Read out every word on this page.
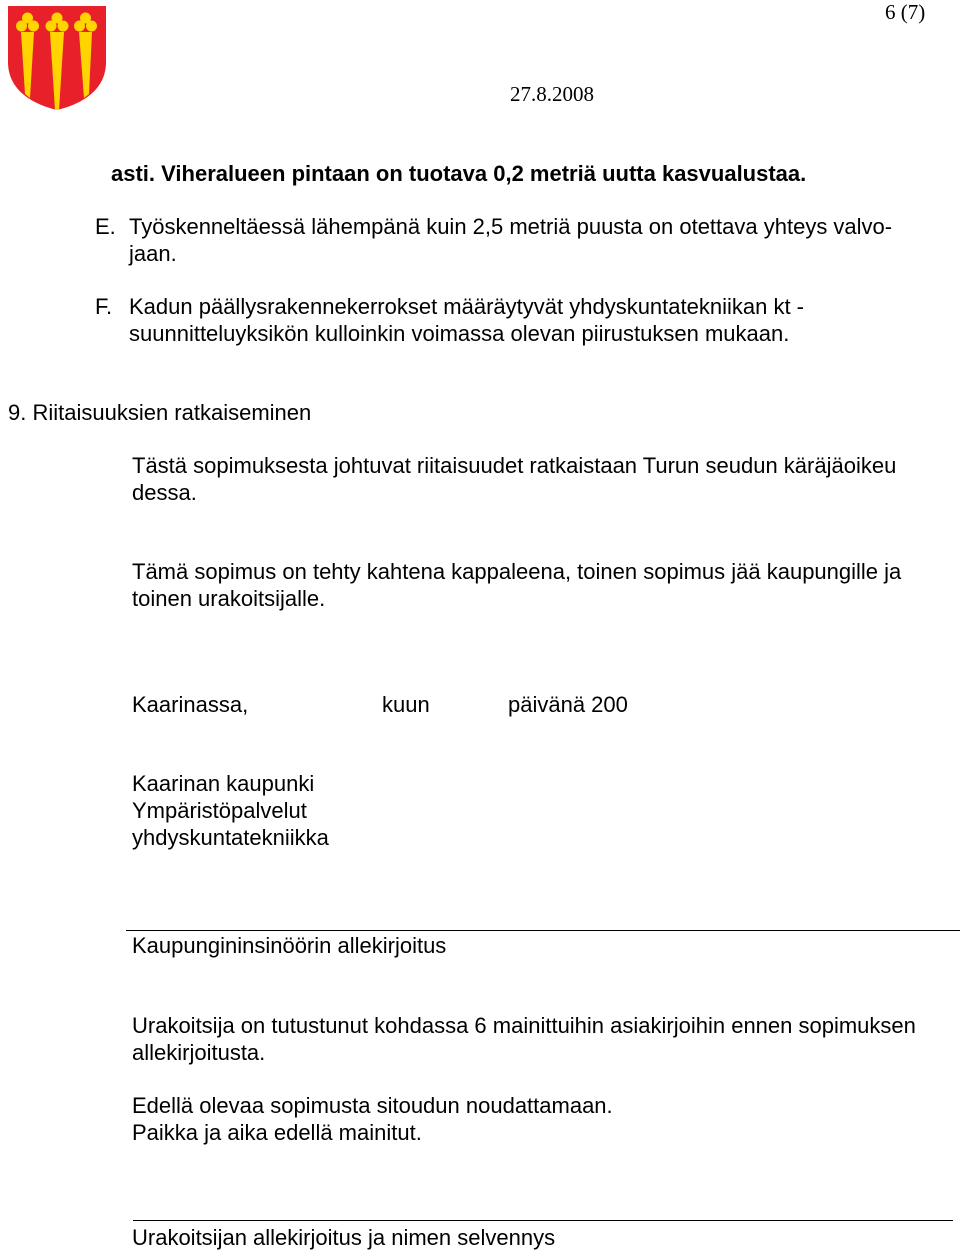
6 (7)
27.8.2008
asti. Viheralueen pintaan on tuotava 0,2 metriä uutta kasvualustaa.
E. Työskenneltäessä lähempänä kuin 2,5 metriä puusta on otettava yhteys valvo-
jaan.
F. Kadun päällysrakennekerrokset määräytyvät yhdyskuntatekniikan kt -
suunnitteluyksikön kulloinkin voimassa olevan piirustuksen mukaan.
9. Riitaisuuksien ratkaiseminen
Tästä sopimuksesta johtuvat riitaisuudet ratkaistaan Turun seudun käräjäoikeu
dessa.
Tämä sopimus on tehty kahtena kappaleena, toinen sopimus jää kaupungille ja
toinen urakoitsijalle.
Kaarinassa,	kuun	päivänä 200
Kaarinan kaupunki
Ympäristöpalvelut
yhdyskuntatekniikka
Kaupungininsinöörin allekirjoitus
Urakoitsija on tutustunut kohdassa 6 mainittuihin asiakirjoihin ennen sopimuksen
allekirjoitusta.
Edellä olevaa sopimusta sitoudun noudattamaan.
Paikka ja aika edellä mainitut.
Urakoitsijan allekirjoitus ja nimen selvennys
